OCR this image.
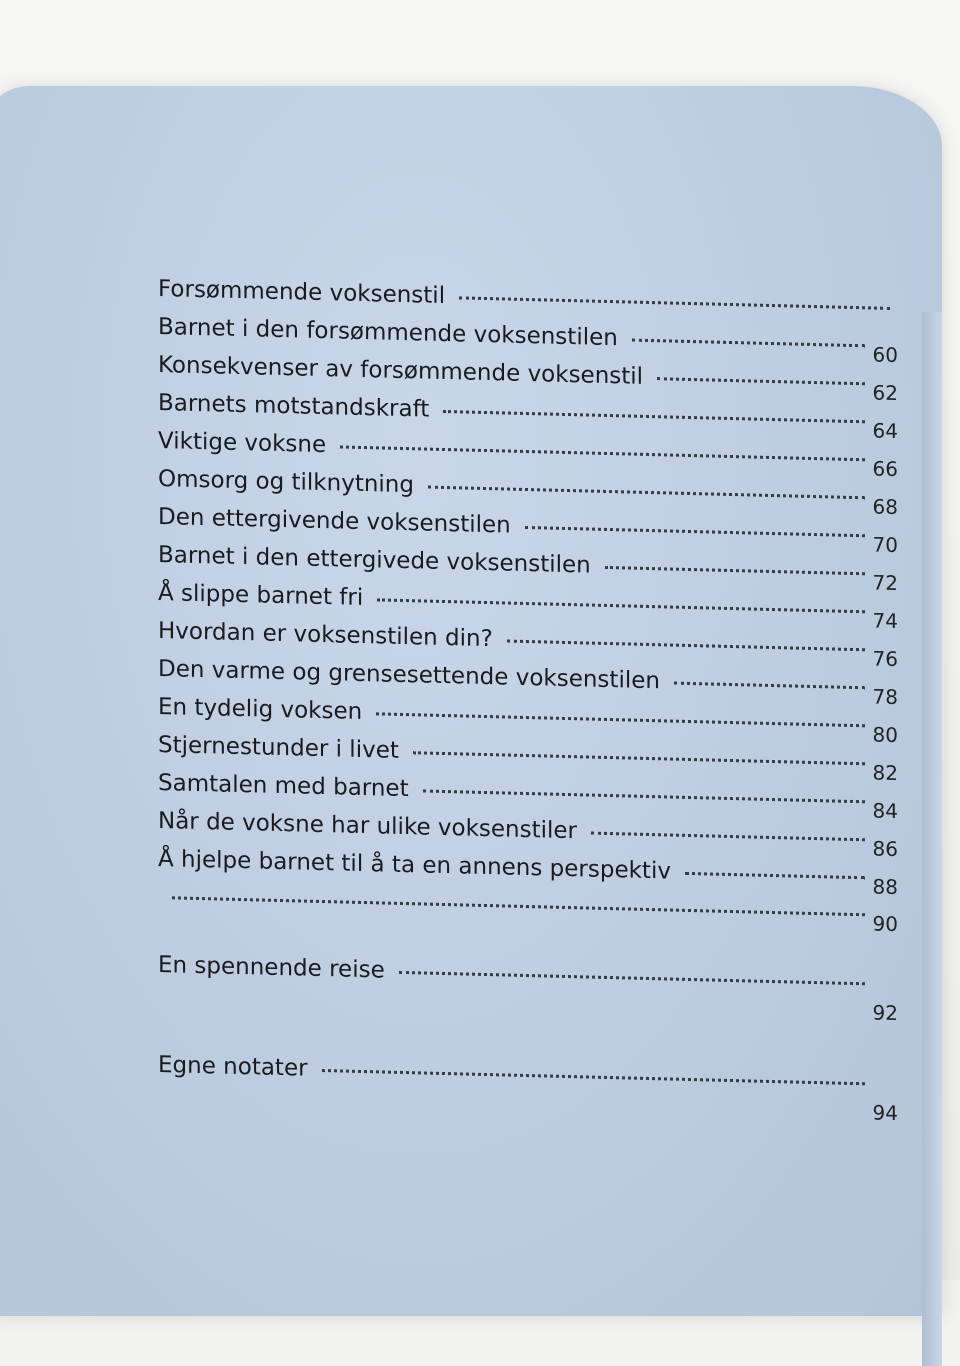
Forsømmende voksenstil
Barnet i den forsømmende voksenstilen
60
Konsekvenser av forsømmende voksenstil
62
Barnets motstandskraft
64
Viktige voksne
66
Omsorg og tilknytning
68
Den ettergivende voksenstilen
70
Barnet i den ettergivede voksenstilen
72
Å slippe barnet fri
74
Hvordan er voksenstilen din?
76
Den varme og grensesettende voksenstilen
78
En tydelig voksen
80
Stjernestunder i livet
82
Samtalen med barnet
84
Når de voksne har ulike voksenstiler
86
Å hjelpe barnet til å ta en annens perspektiv
88
90
En spennende reise
92
Egne notater
94
